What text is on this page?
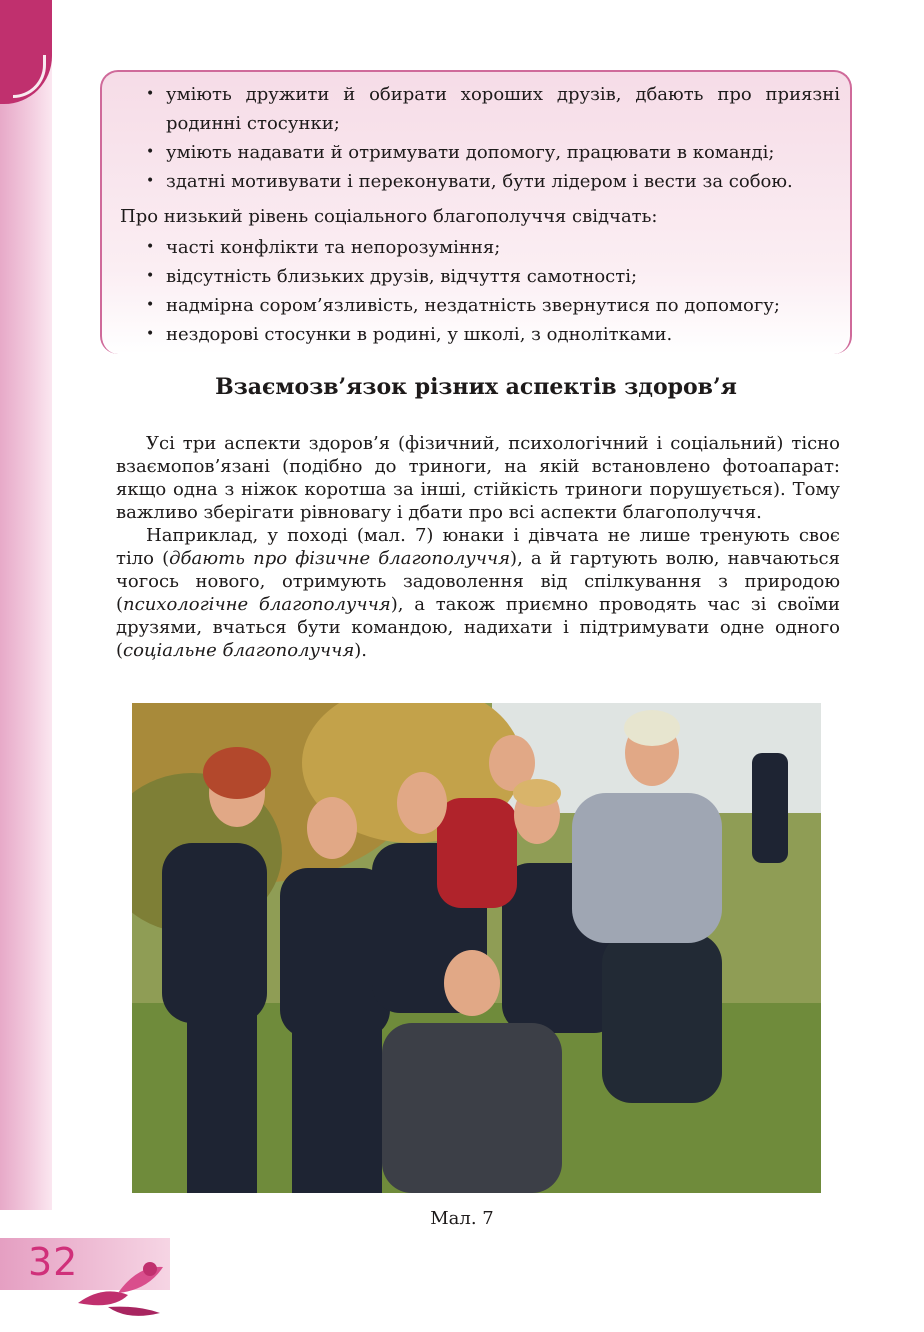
• уміють дружити й обирати хороших друзів, дбають про приязні родинні стосунки;
• уміють надавати й отримувати допомогу, працювати в команді;
• здатні мотивувати і переконувати, бути лідером і вести за собою.
Про низький рівень соціального благополуччя свідчать:
• часті конфлікти та непорозуміння;
• відсутність близьких друзів, відчуття самотності;
• надмірна сором’язливість, нездатність звернутися по допомогу;
• нездорові стосунки в родині, у школі, з однолітками.
Взаємозв’язок різних аспектів здоров’я

Усі три аспекти здоров’я (фізичний, психологічний і соціальний) тісно взаємопов’язані (подібно до триноги, на якій встановлено фотоапарат: якщо одна з ніжок коротша за інші, стійкість триноги порушується). Тому важливо зберігати рівновагу і дбати про всі аспекти благополуччя.

Наприклад, у поході (мал. 7) юнаки і дівчата не лише тренують своє тіло (дбають про фізичне благополуччя), а й гартують волю, навчаються чогось нового, отримують задоволення від спілкування з природою (психологічне благополуччя), а також приємно проводять час зі своїми друзями, вчаться бути командою, надихати і підтримувати одне одного (соціальне благополуччя).

Мал. 7
32
